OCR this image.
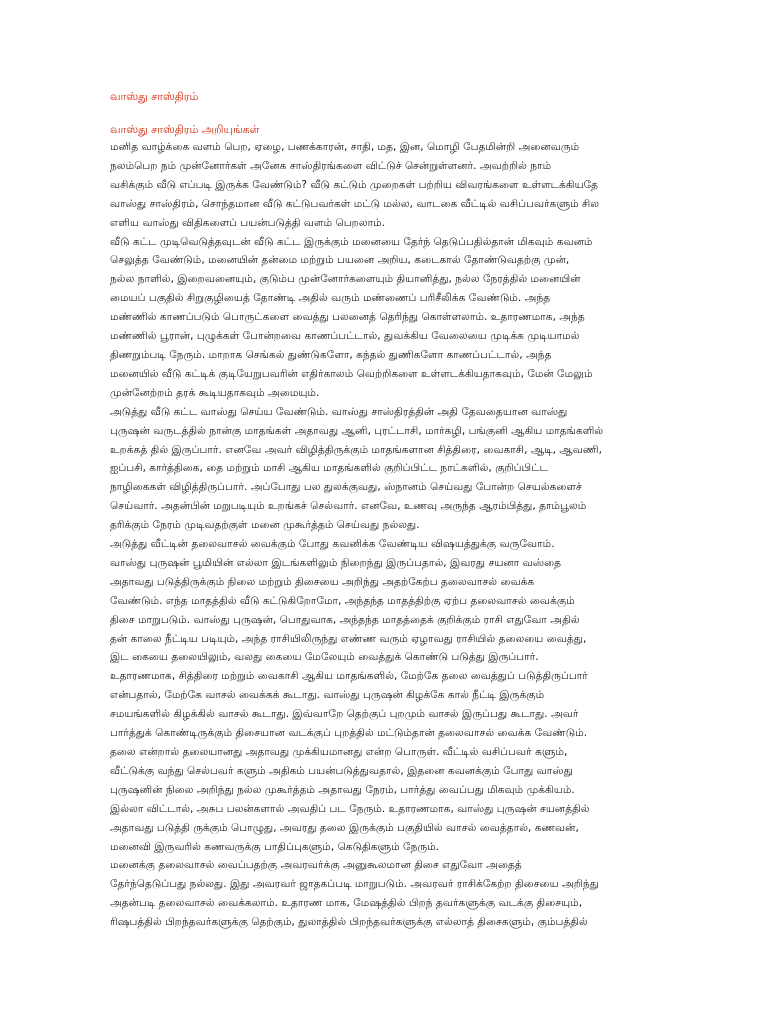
வாஸ்து சாஸ்திரம்
வாஸ்து சாஸ்திரம் அறியுங்கள்
மனித வாழ்க்கை வளம் பெற, ஏழை, பணக்காரன், சாதி, மத, இன, மொழி பேதமின்றி அனைவரும்
நலம்பெற நம் முன்னோர்கள் அனேக சாஸ்திரங்களை விட்டுச் சென்றுள்ளனர். அவற்றில் நாம்
வசிக்கும் வீடு எப்படி இருக்க வேண்டும்? வீடு கட்டும் முறைகள் பற்றிய விவரங்களை உள்ளடக்கியதே
வாஸ்து சாஸ்திரம், சொந்தமான வீடு கட்டுபவர்கள் மட்டு மல்ல, வாடகை வீட்டில் வசிப்பவர்களும் சில
எளிய வாஸ்து விதிகளைப் பயன்படுத்தி வளம் பெறலாம்.
வீடு கட்ட முடிவெடுத்தவுடன் வீடு கட்ட இருக்கும் மனையை தேர்ந் தெடுப்பதில்தான் மிகவும் கவனம்
செலுத்த வேண்டும், மனையின் தன்மை மற்றும் பயனை அறிய, கடைகால் தோண்டுவதற்கு முன்,
நல்ல நாளில், இறைவனையும், குடும்ப முன்னோர்களையும் தியானித்து, நல்ல நேரத்தில் மனையின்
மையப் பகுதில் சிறுகுழியைத் தோண்டி அதில் வரும் மண்ணைப் பரிசீலிக்க வேண்டும். அந்த
மண்ணில் காணப்படும் பொருட்களை வைத்து பலனைத் தெரிந்து கொள்ளலாம். உதாரணமாக, அந்த
மண்ணில் பூரான், புழுக்கள் போன்றவை காணப்பட்டால், துவக்கிய வேலையை முடிக்க முடியாமல்
திணறும்படி நேரும். மாறாக செங்கல் துண்டுகளோ, கந்தல் துணிகளோ காணப்பட்டால், அந்த
மனையில் வீடு கட்டிக் குடியேறுபவரின் எதிர்காலம் வெற்றிகளை உள்ளடக்கியதாகவும், மேன் மேலும்
முன்னேற்றம் தரக் கூடியதாகவும் அமையும்.
அடுத்து வீடு கட்ட வாஸ்து செய்ய வேண்டும். வாஸ்து சாஸ்திரத்தின் அதி தேவதையான வாஸ்து
புருஷன் வருடத்தில் நான்கு மாதங்கள் அதாவது ஆனி, புரட்டாசி, மார்கழி, பங்குனி ஆகிய மாதங்களில்
உறக்கத் தில் இருப்பார். எனவே அவர் விழித்திருக்கும் மாதங்களான சித்திரை, வைகாசி, ஆடி, ஆவணி,
ஐப்பசி, கார்த்திகை, தை மற்றும் மாசி ஆகிய மாதங்களில் குறிப்பிட்ட நாட்களில், குறிப்பிட்ட
நாழிகைகள் விழித்திருப்பார். அப்போது பல துலக்குவது, ஸ்நானம் செய்வது போன்ற செயல்களைச்
செய்வார். அதன்பின் மறுபடியும் உறங்கச் செல்வார். எனவே, உணவு அருந்த ஆரம்பித்து, தாம்பூலம்
தரிக்கும் நேரம் முடிவதற்குள் மனை முகூர்த்தம் செய்வது நல்லது.
அடுத்து வீட்டின் தலைவாசல் வைக்கும் போது கவனிக்க வேண்டிய விஷயத்துக்கு வருவோம்.
வாஸ்து புருஷன் பூமியின் எல்லா இடங்களிலும் நிறைந்து இருப்பதால், இவரது சயனா வஸ்தை
அதாவது படுத்திருக்கும் நிலை மற்றும் திசையை அறிந்து அதற்கேற்ப தலைவாசல் வைக்க
வேண்டும். எந்த மாதத்தில் வீடு கட்டுகிறோமோ, அந்தந்த மாதத்திற்கு ஏற்ப தலைவாசல் வைக்கும்
திசை மாறுபடும். வாஸ்து புருஷன், பொதுவாக, அந்தந்த மாதத்தைக் குறிக்கும் ராசி எதுவோ அதில்
தன் காலை நீட்டிய படியும், அந்த ராசியிலிருந்து எண்ண வரும் ஏழாவது ராசியில் தலையை வைத்து,
இட கையை தலையிலும், வலது கையை மேலேயும் வைத்துக் கொண்டு படுத்து இருப்பார்.
உதாரணமாக, சித்திரை மற்றும் வைகாசி ஆகிய மாதங்களில், மேற்கே தலை வைத்துப் படுத்திருப்பார்
என்பதால், மேற்கே வாசல் வைக்கக் கூடாது. வாஸ்து புருஷன் கிழக்கே கால் நீட்டி இருக்கும்
சமயங்களில் கிழக்கில் வாசல் கூடாது. இவ்வாறே தெற்குப் புறமும் வாசல் இருப்பது கூடாது. அவர்
பார்த்துக் கொண்டிருக்கும் திசையான வடக்குப் புறத்தில் மட்டும்தான் தலைவாசல் வைக்க வேண்டும்.
தலை என்றால் தலையானது அதாவது முக்கியமானது என்ற பொருள். வீட்டில் வசிப்பவர் களும்,
வீட்டுக்கு வந்து செல்பவர் களும் அதிகம் பயன்படுத்துவதால், இதனை கவனக்கும் போது வாஸ்து
புருஷனின் நிலை அறிந்து நல்ல முகூர்த்தம் அதாவது நேரம், பார்த்து வைப்பது மிகவும் முக்கியம்.
இல்லா விட்டால், அசுப பலன்களால் அவதிப் பட நேரும். உதாரணமாக, வாஸ்து புருஷன் சயனத்தில்
அதாவது படுத்தி ருக்கும் பொழுது, அவரது தலை இருக்கும் பகுதியில் வாசல் வைத்தால், கணவன்,
மனைவி இருவரில் கணவருக்கு பாதிப்புகளும், கெடுதிகளும் நேரும்.
மனைக்கு தலைவாசல் வைப்பதற்கு அவரவர்க்கு அனுகூலமான திசை எதுவோ அதைத்
தேர்ந்தெடுப்பது நல்லது. இது அவரவர் ஜாதகப்படி மாறுபடும். அவரவர் ராசிக்கேற்ற திசையை அறிந்து
அதன்படி தலைவாசல் வைக்கலாம். உதாரண மாக, மேஷத்தில் பிறந் தவர்களுக்கு வடக்கு திசையும்,
ரிஷபத்தில் பிறந்தவர்களுக்கு தெற்கும், துலாத்தில் பிறந்தவர்களுக்கு எல்லாத் திசைகளும், கும்பத்தில்
